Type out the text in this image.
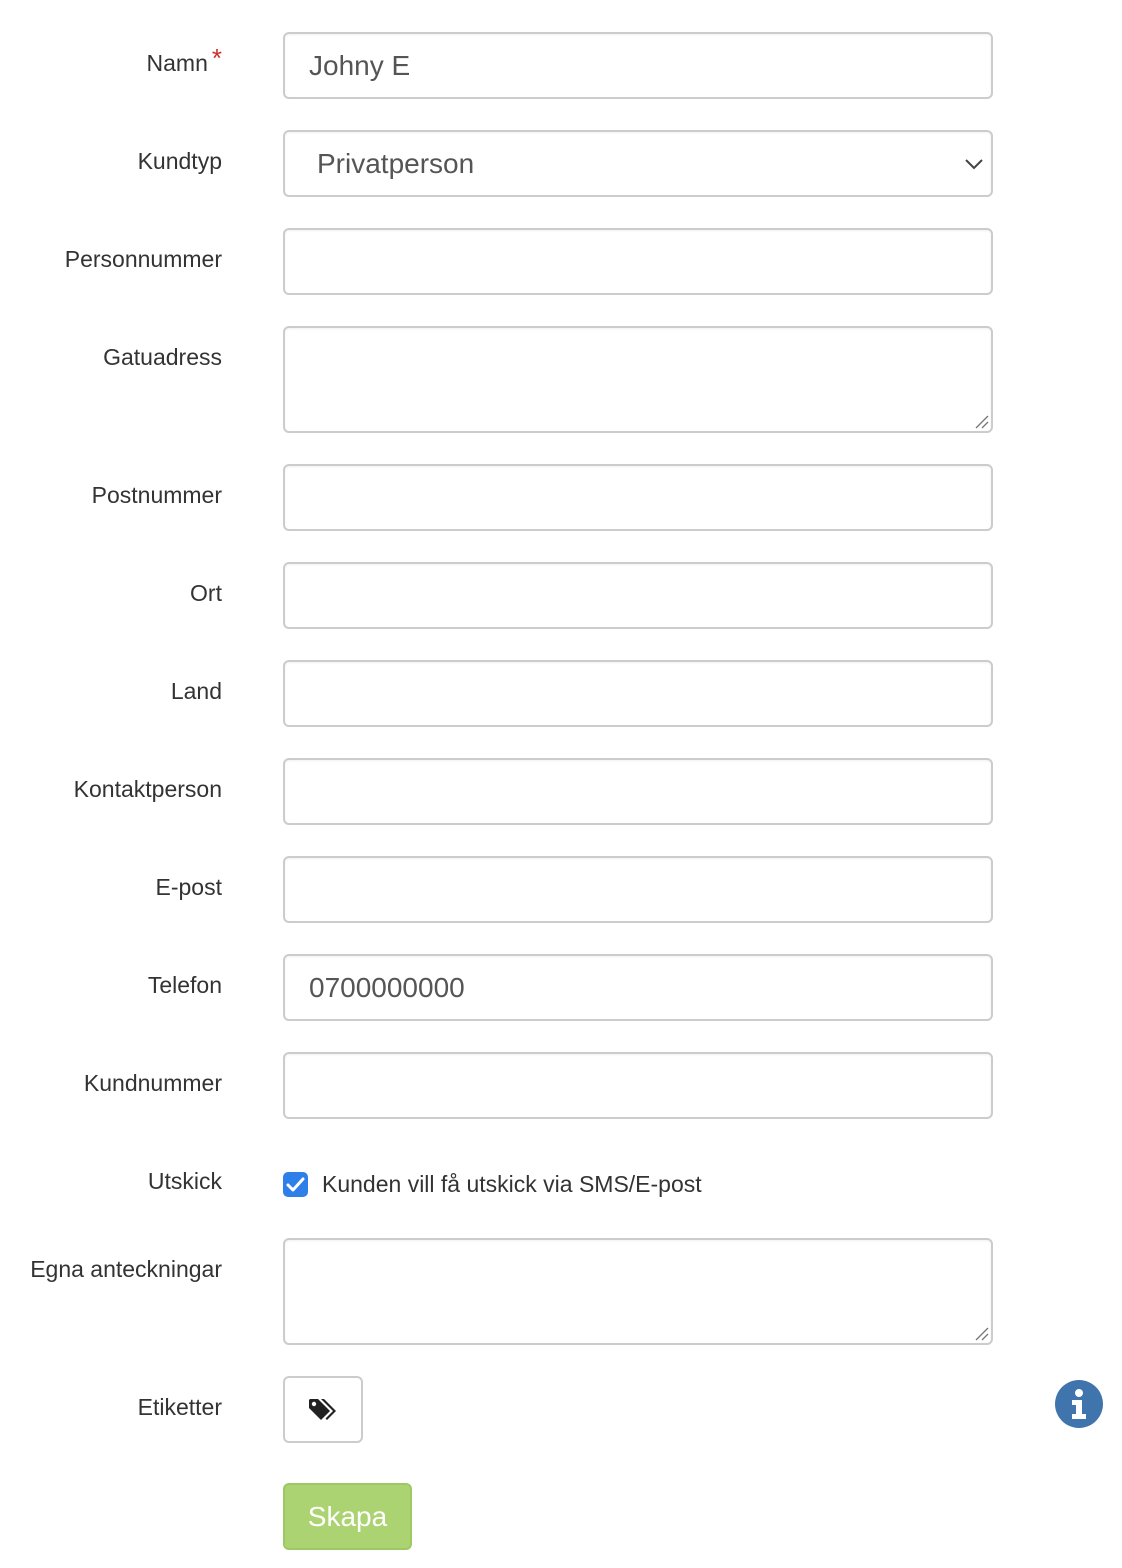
Namn *	Johny E
Kundtyp	Privatperson
Personnummer
Gatuadress
Postnummer
Ort
Land
Kontaktperson
E-post
Telefon	0700000000
Kundnummer
Utskick	Kunden vill få utskick via SMS/E-post
Egna anteckningar
Etiketter
Skapa
